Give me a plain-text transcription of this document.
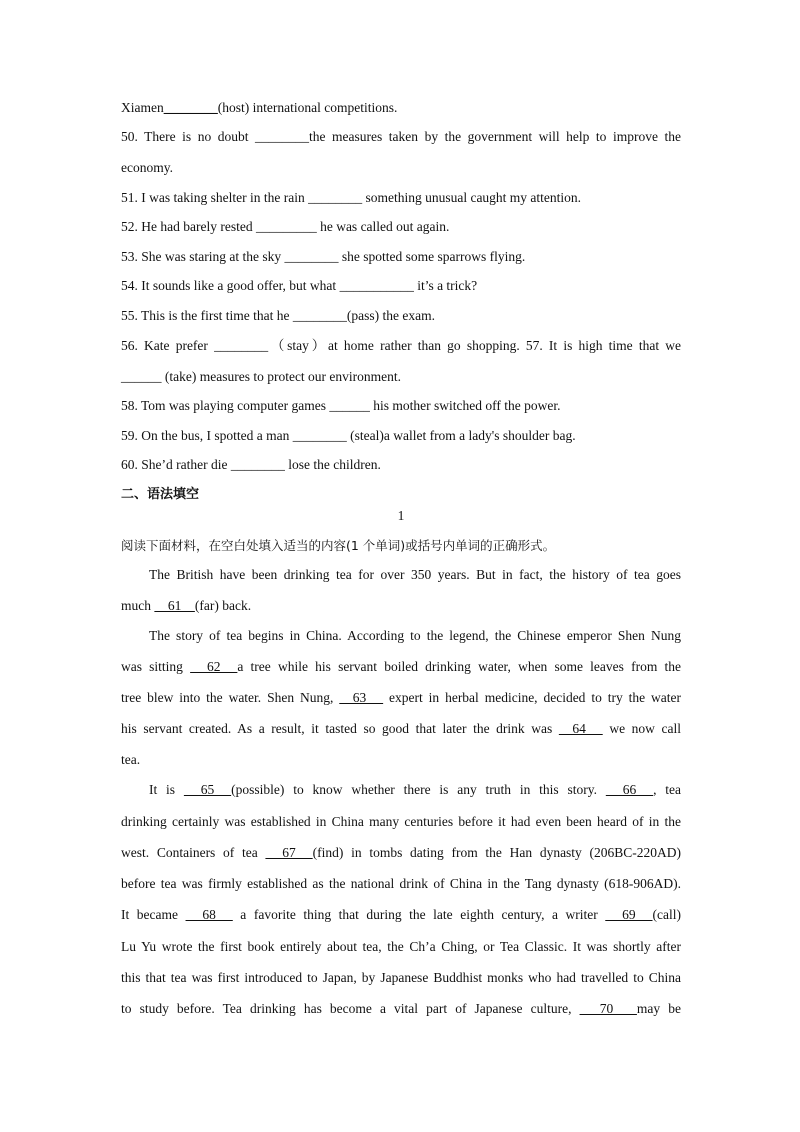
Xiamen________(host) international competitions.
50. There is no doubt ________the measures taken by the government will help to improve the
economy.
51. I was taking shelter in the rain ________ something unusual caught my attention.
52. He had barely rested _________ he was called out again.
53. She was staring at the sky ________ she spotted some sparrows flying.
54. It sounds like a good offer, but what ___________ it’s a trick?
55. This is the first time that he ________(pass) the exam.
56. Kate prefer ________（stay）at home rather than go shopping. 57. It is high time that we
______ (take) measures to protect our environment.
58. Tom was playing computer games ______ his mother switched off the power.
59. On the bus, I spotted a man ________ (steal)a wallet from a lady's shoulder bag.
60. She’d rather die ________ lose the children.
二、语法填空
1
阅读下面材料，在空白处填入适当的内容(1 个单词)或括号内单词的正确形式。
The British have been drinking tea for over 350 years. But in fact, the history of tea goes
much     61    (far) back.
The story of tea begins in China. According to the legend, the Chinese emperor Shen Nung
was sitting      62     a tree while his servant boiled drinking water, when some leaves from the
tree blew into the water. Shen Nung,     63      expert in herbal medicine, decided to try the water
his servant created. As a result, it tasted so good that later the drink was     64      we now call
tea.
It is      65     (possible) to know whether there is any truth in this story.      66     , tea
drinking certainly was established in China many centuries before it had even been heard of in the
west. Containers of tea      67     (find) in tombs dating from the Han dynasty (206BC-220AD)
before tea was firmly established as the national drink of China in the Tang dynasty (618-906AD).
It became      68      a favorite thing that during the late eighth century, a writer      69     (call)
Lu Yu wrote the first book entirely about tea, the Ch’a Ching, or Tea Classic. It was shortly after
this that tea was first introduced to Japan, by Japanese Buddhist monks who had travelled to China
to study before. Tea drinking has become a vital part of Japanese culture,       70       may be
